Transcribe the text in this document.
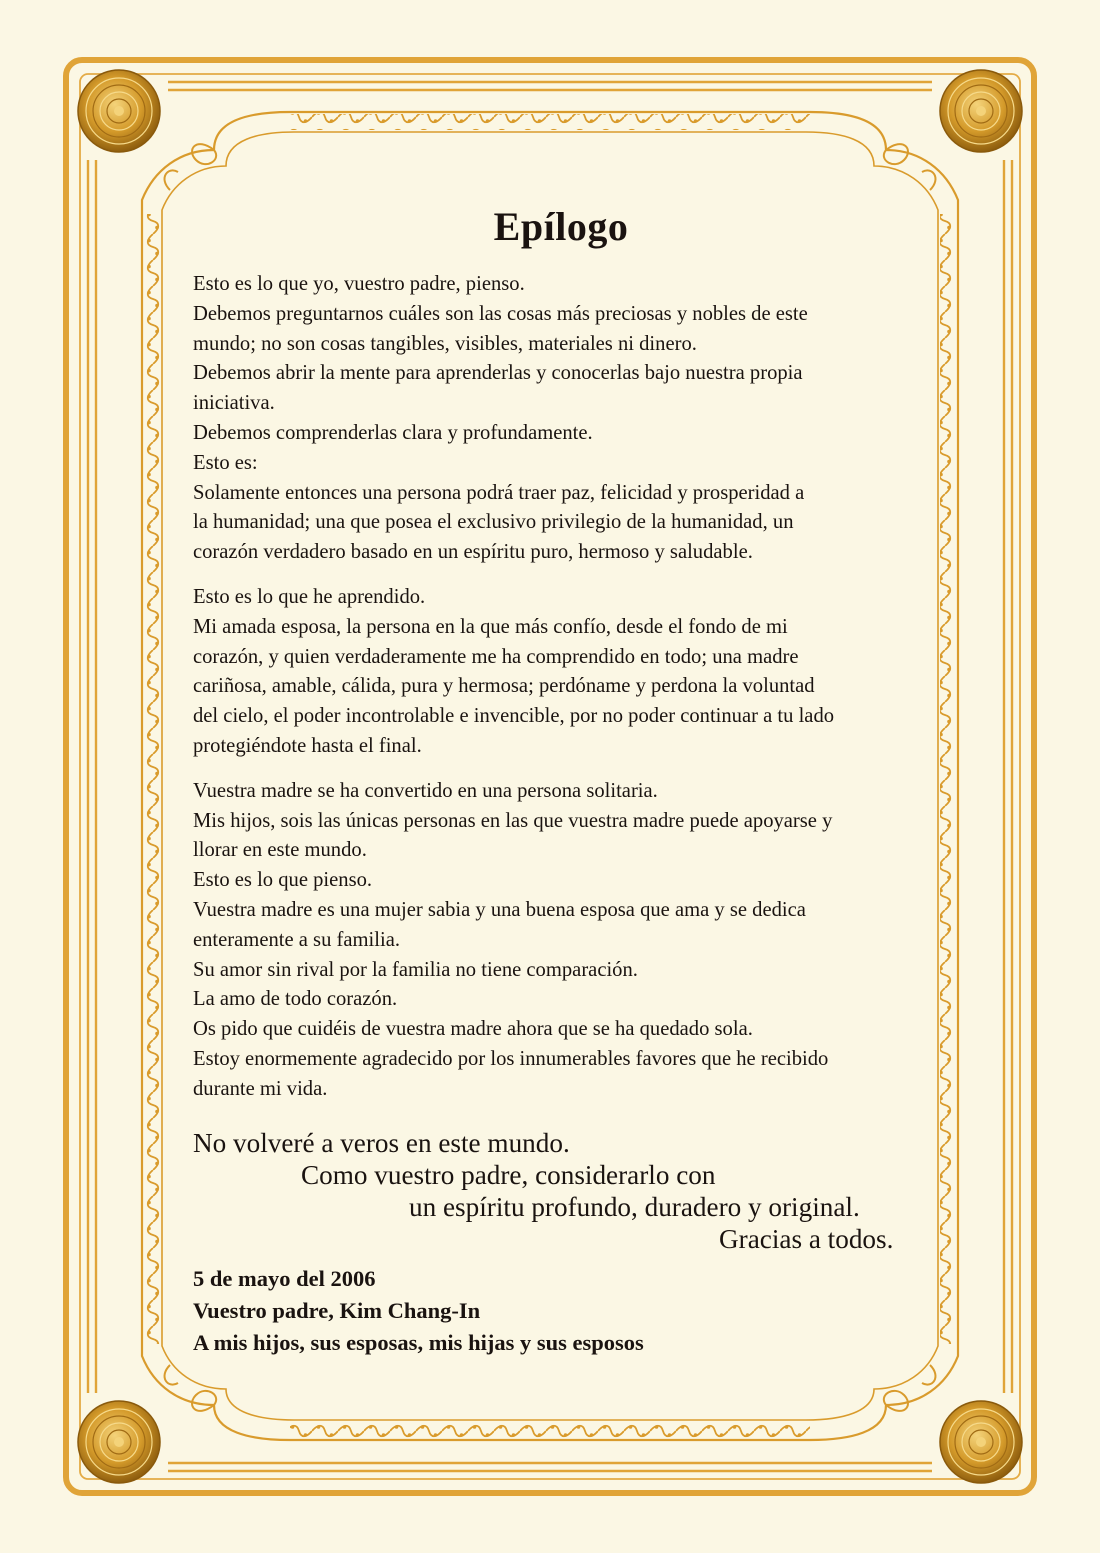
Epílogo
Esto es lo que yo, vuestro padre, pienso.
Debemos preguntarnos cuáles son las cosas más preciosas y nobles de este
mundo; no son cosas tangibles, visibles, materiales ni dinero.
Debemos abrir la mente para aprenderlas y conocerlas bajo nuestra propia
iniciativa.
Debemos comprenderlas clara y profundamente.
Esto es:
Solamente entonces una persona podrá traer paz, felicidad y prosperidad a
la humanidad; una que posea el exclusivo privilegio de la humanidad, un
corazón verdadero basado en un espíritu puro, hermoso y saludable.
Esto es lo que he aprendido.
Mi amada esposa, la persona en la que más confío, desde el fondo de mi
corazón, y quien verdaderamente me ha comprendido en todo; una madre
cariñosa, amable, cálida, pura y hermosa; perdóname y perdona la voluntad
del cielo, el poder incontrolable e invencible, por no poder continuar a tu lado
protegiéndote hasta el final.
Vuestra madre se ha convertido en una persona solitaria.
Mis hijos, sois las únicas personas en las que vuestra madre puede apoyarse y
llorar en este mundo.
Esto es lo que pienso.
Vuestra madre es una mujer sabia y una buena esposa que ama y se dedica
enteramente a su familia.
Su amor sin rival por la familia no tiene comparación.
La amo de todo corazón.
Os pido que cuidéis de vuestra madre ahora que se ha quedado sola.
Estoy enormemente agradecido por los innumerables favores que he recibido
durante mi vida.
No volveré a veros en este mundo.
Como vuestro padre, considerarlo con
un espíritu profundo, duradero y original.
Gracias a todos.
5 de mayo del 2006
Vuestro padre, Kim Chang-In
A mis hijos, sus esposas, mis hijas y sus esposos
